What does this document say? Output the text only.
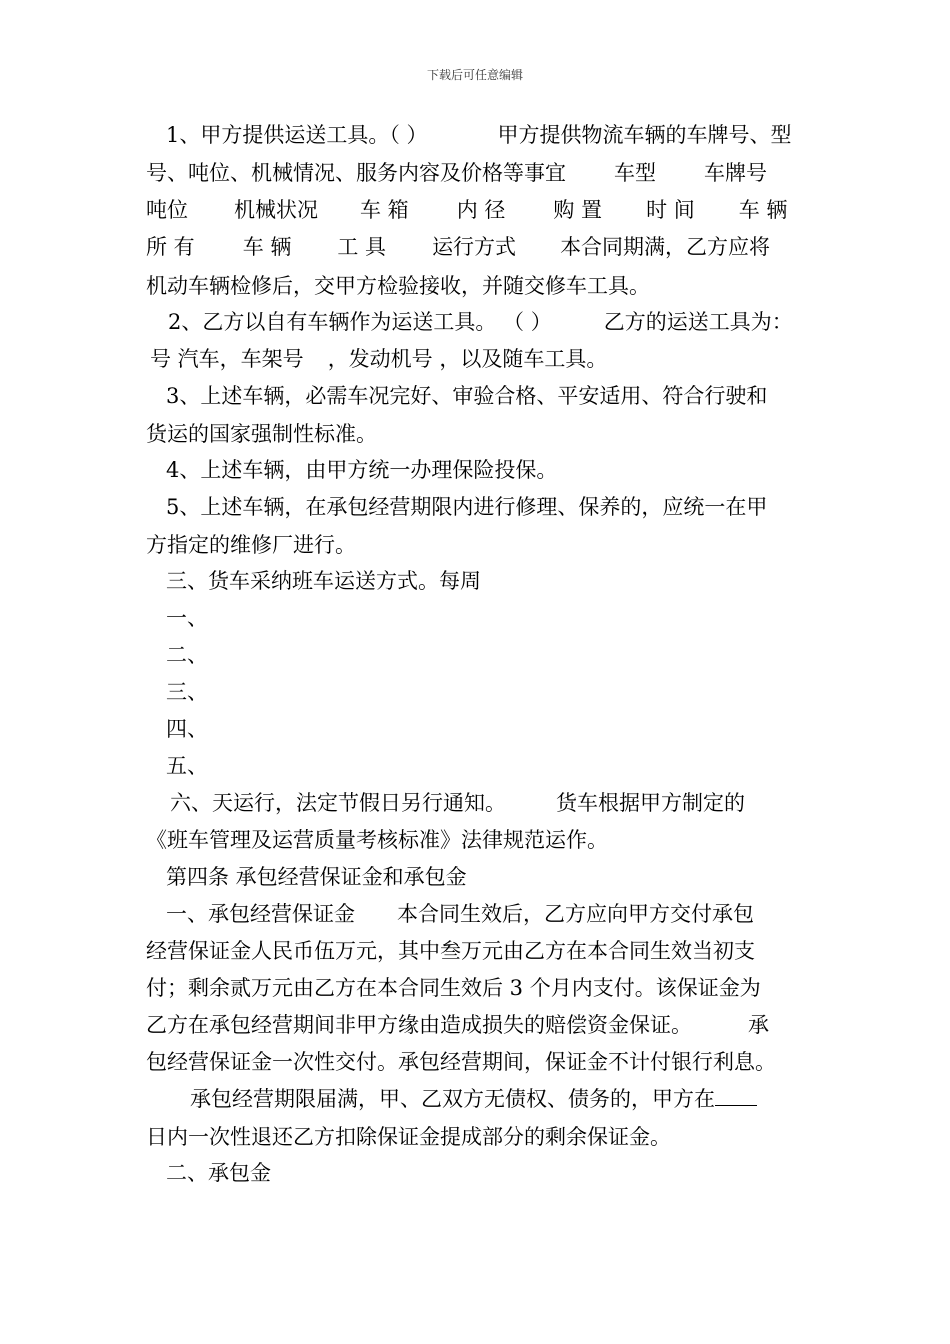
下载后可任意编辑

1、甲方提供运送工具。（ ）	甲方提供物流车辆的车牌号、型

号、吨位、机械情况、服务内容及价格等事宜 车型 车牌号

吨位 机械状况 车 箱 内 径 购 置 时 间 车 辆

所 有 车 辆 工 具 运行方式 本合同期满，乙方应将

机动车辆检修后，交甲方检验接收，并随交修车工具。

2、乙方以自有车辆作为运送工具。 （ ） 乙方的运送工具为：

号 汽车，车架号 ，发动机号 ，以及随车工具。

3、上述车辆，必需车况完好、审验合格、平安适用、符合行驶和

货运的国家强制性标准。

4、上述车辆，由甲方统一办理保险投保。

5、上述车辆，在承包经营期限内进行修理、保养的，应统一在甲

方指定的维修厂进行。

三、货车采纳班车运送方式。每周

一、

二、

三、

四、

五、

六、天运行，法定节假日另行通知。 货车根据甲方制定的

《班车管理及运营质量考核标准》法律规范运作。

第四条 承包经营保证金和承包金

一、承包经营保证金 本合同生效后，乙方应向甲方交付承包

经营保证金人民币伍万元，其中叁万元由乙方在本合同生效当初支

付；剩余贰万元由乙方在本合同生效后 3 个月内支付。该保证金为

乙方在承包经营期间非甲方缘由造成损失的赔偿资金保证。	承

包经营保证金一次性交付。承包经营期间，保证金不计付银行利息。

承包经营期限届满，甲、乙双方无债权、债务的，甲方在

日内一次性退还乙方扣除保证金提成部分的剩余保证金。

二、承包金
